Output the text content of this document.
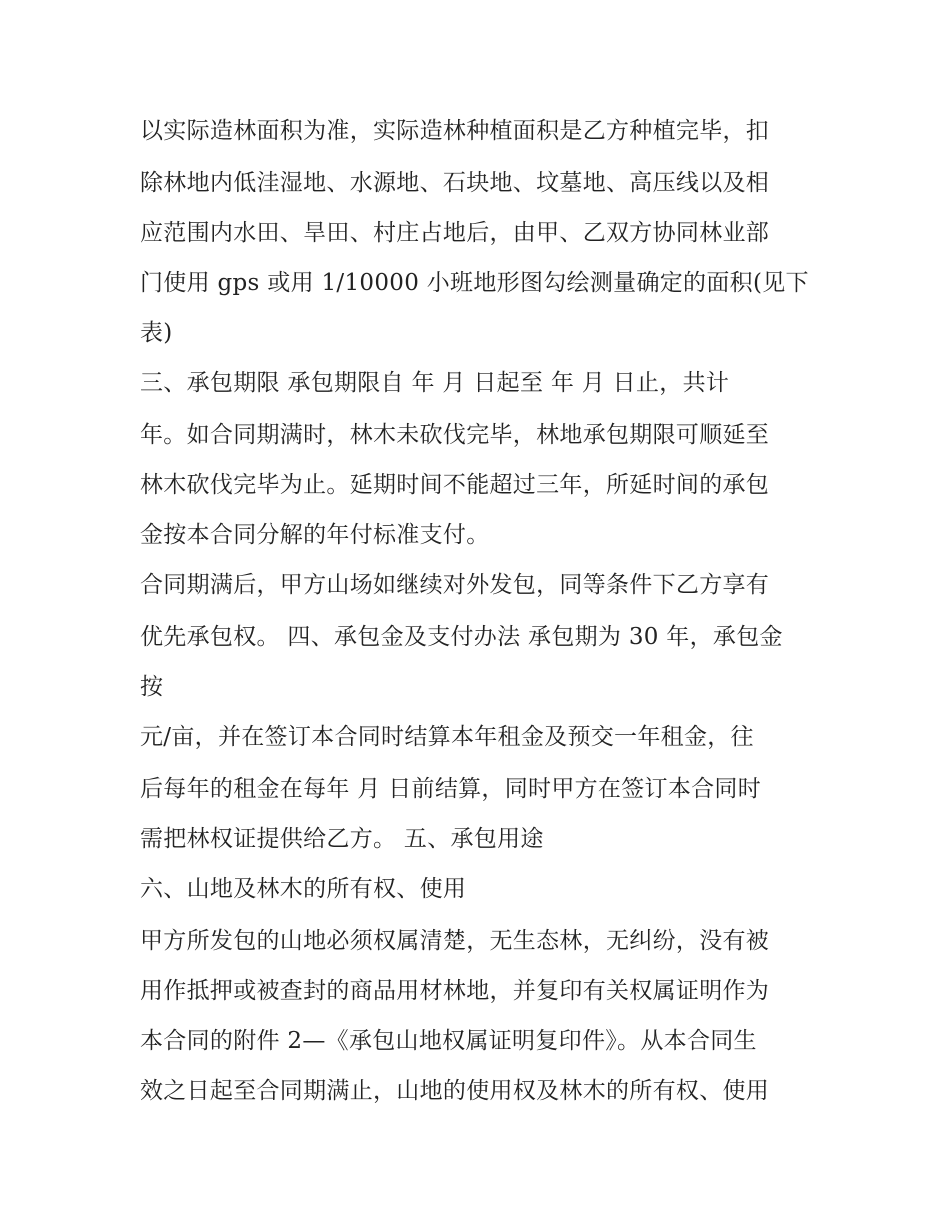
以实际造林面积为准，实际造林种植面积是乙方种植完毕，扣
除林地内低洼湿地、水源地、石块地、坟墓地、高压线以及相
应范围内水田、旱田、村庄占地后，由甲、乙双方协同林业部
门使用 gps 或用 1/10000 小班地形图勾绘测量确定的面积(见下
表)
三、承包期限 承包期限自 年 月 日起至 年 月 日止，共计
年。如合同期满时，林木未砍伐完毕，林地承包期限可顺延至
林木砍伐完毕为止。延期时间不能超过三年，所延时间的承包
金按本合同分解的年付标准支付。
合同期满后，甲方山场如继续对外发包，同等条件下乙方享有
优先承包权。 四、承包金及支付办法 承包期为 30 年，承包金
按
元/亩，并在签订本合同时结算本年租金及预交一年租金，往
后每年的租金在每年 月 日前结算，同时甲方在签订本合同时
需把林权证提供给乙方。 五、承包用途
六、山地及林木的所有权、使用
甲方所发包的山地必须权属清楚，无生态林，无纠纷，没有被
用作抵押或被查封的商品用材林地，并复印有关权属证明作为
本合同的附件 2—《承包山地权属证明复印件》。从本合同生
效之日起至合同期满止，山地的使用权及林木的所有权、使用
